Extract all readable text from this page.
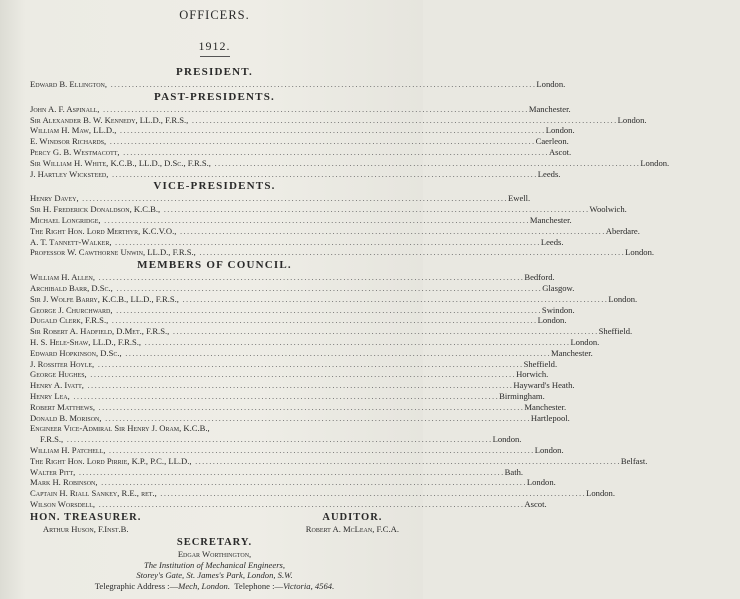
OFFICERS.
1912.
PRESIDENT.
Edward B. Ellington, ........................................................................................................................ London.
PAST-PRESIDENTS.
John A. F. Aspinall, ........................................................................................................................ Manchester.
Sir Alexander B. W. Kennedy, LL.D., F.R.S., ........................................................................................................................ London.
William H. Maw, LL.D., ........................................................................................................................ London.
E. Windsor Richards, ........................................................................................................................ Caerleon.
Percy G. B. Westmacott, ........................................................................................................................ Ascot.
Sir William H. White, K.C.B., LL.D., D.Sc., F.R.S., ........................................................................................................................ London.
J. Hartley Wicksteed, ........................................................................................................................ Leeds.
VICE-PRESIDENTS.
Henry Davey, ........................................................................................................................ Ewell.
Sir H. Frederick Donaldson, K.C.B., ........................................................................................................................ Woolwich.
Michael Longridge, ........................................................................................................................ Manchester.
The Right Hon. Lord Merthyr, K.C.V.O., ........................................................................................................................ Aberdare.
A. T. Tannett-Walker, ........................................................................................................................ Leeds.
Professor W. Cawthorne Unwin, LL.D., F.R.S., ........................................................................................................................ London.
MEMBERS OF COUNCIL.
William H. Allen, ........................................................................................................................ Bedford.
Archibald Barr, D.Sc., ........................................................................................................................ Glasgow.
Sir J. Wolfe Barry, K.C.B., LL.D., F.R.S., ........................................................................................................................ London.
George J. Churchward, ........................................................................................................................ Swindon.
Dugald Clerk, F.R.S., ........................................................................................................................ London.
Sir Robert A. Hadfield, D.Met., F.R.S., ........................................................................................................................ Sheffield.
H. S. Hele-Shaw, LL.D., F.R.S., ........................................................................................................................ London.
Edward Hopkinson, D.Sc., ........................................................................................................................ Manchester.
J. Rossiter Hoyle, ........................................................................................................................ Sheffield.
George Hughes, ........................................................................................................................ Horwich.
Henry A. Ivatt, ........................................................................................................................ Hayward's Heath.
Henry Lea, ........................................................................................................................ Birmingham.
Robert Matthews, ........................................................................................................................ Manchester.
Donald B. Morison, ........................................................................................................................ Hartlepool.
Engineer Vice-Admiral Sir Henry J. Oram, K.C.B.,
F.R.S., ........................................................................................................................ London.
William H. Patchell, ........................................................................................................................ London.
The Right Hon. Lord Pirrie, K.P., P.C., LL.D., ........................................................................................................................ Belfast.
Walter Pitt, ........................................................................................................................ Bath.
Mark H. Robinson, ........................................................................................................................ London.
Captain H. Riall Sankey, R.E., ret., ........................................................................................................................ London.
Wilson Worsdell, ........................................................................................................................ Ascot.
HON. TREASURER.
Arthur Huson, F.Inst.B.
AUDITOR.
Robert A. McLean, F.C.A.
SECRETARY.
Edgar Worthington,
The Institution of Mechanical Engineers,
Storey's Gate, St. James's Park, London, S.W.
Telegraphic Address :—Mech, London. Telephone :—Victoria, 4564.
